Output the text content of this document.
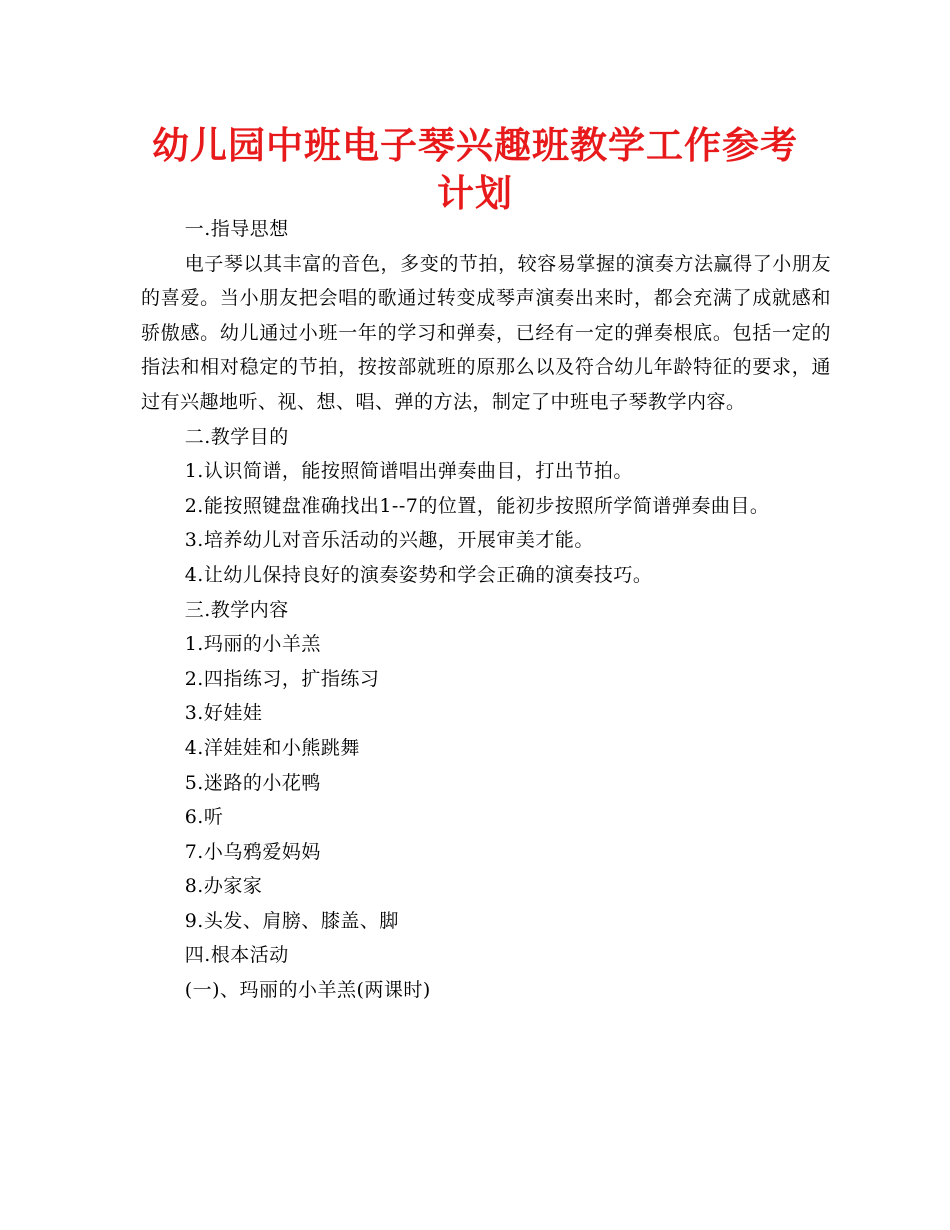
幼儿园中班电子琴兴趣班教学工作参考计划

一.指导思想

电子琴以其丰富的音色，多变的节拍，较容易掌握的演奏方法赢得了小朋友的喜爱。当小朋友把会唱的歌通过转变成琴声演奏出来时，都会充满了成就感和骄傲感。幼儿通过小班一年的学习和弹奏，已经有一定的弹奏根底。包括一定的指法和相对稳定的节拍，按按部就班的原那么以及符合幼儿年龄特征的要求，通过有兴趣地听、视、想、唱、弹的方法，制定了中班电子琴教学内容。

二.教学目的

1.认识简谱，能按照简谱唱出弹奏曲目，打出节拍。

2.能按照键盘准确找出1--7的位置，能初步按照所学简谱弹奏曲目。

3.培养幼儿对音乐活动的兴趣，开展审美才能。

4.让幼儿保持良好的演奏姿势和学会正确的演奏技巧。

三.教学内容

1.玛丽的小羊羔

2.四指练习，扩指练习

3.好娃娃

4.洋娃娃和小熊跳舞

5.迷路的小花鸭

6.听

7.小乌鸦爱妈妈

8.办家家

9.头发、肩膀、膝盖、脚

四.根本活动

(一)、玛丽的小羊羔(两课时)
